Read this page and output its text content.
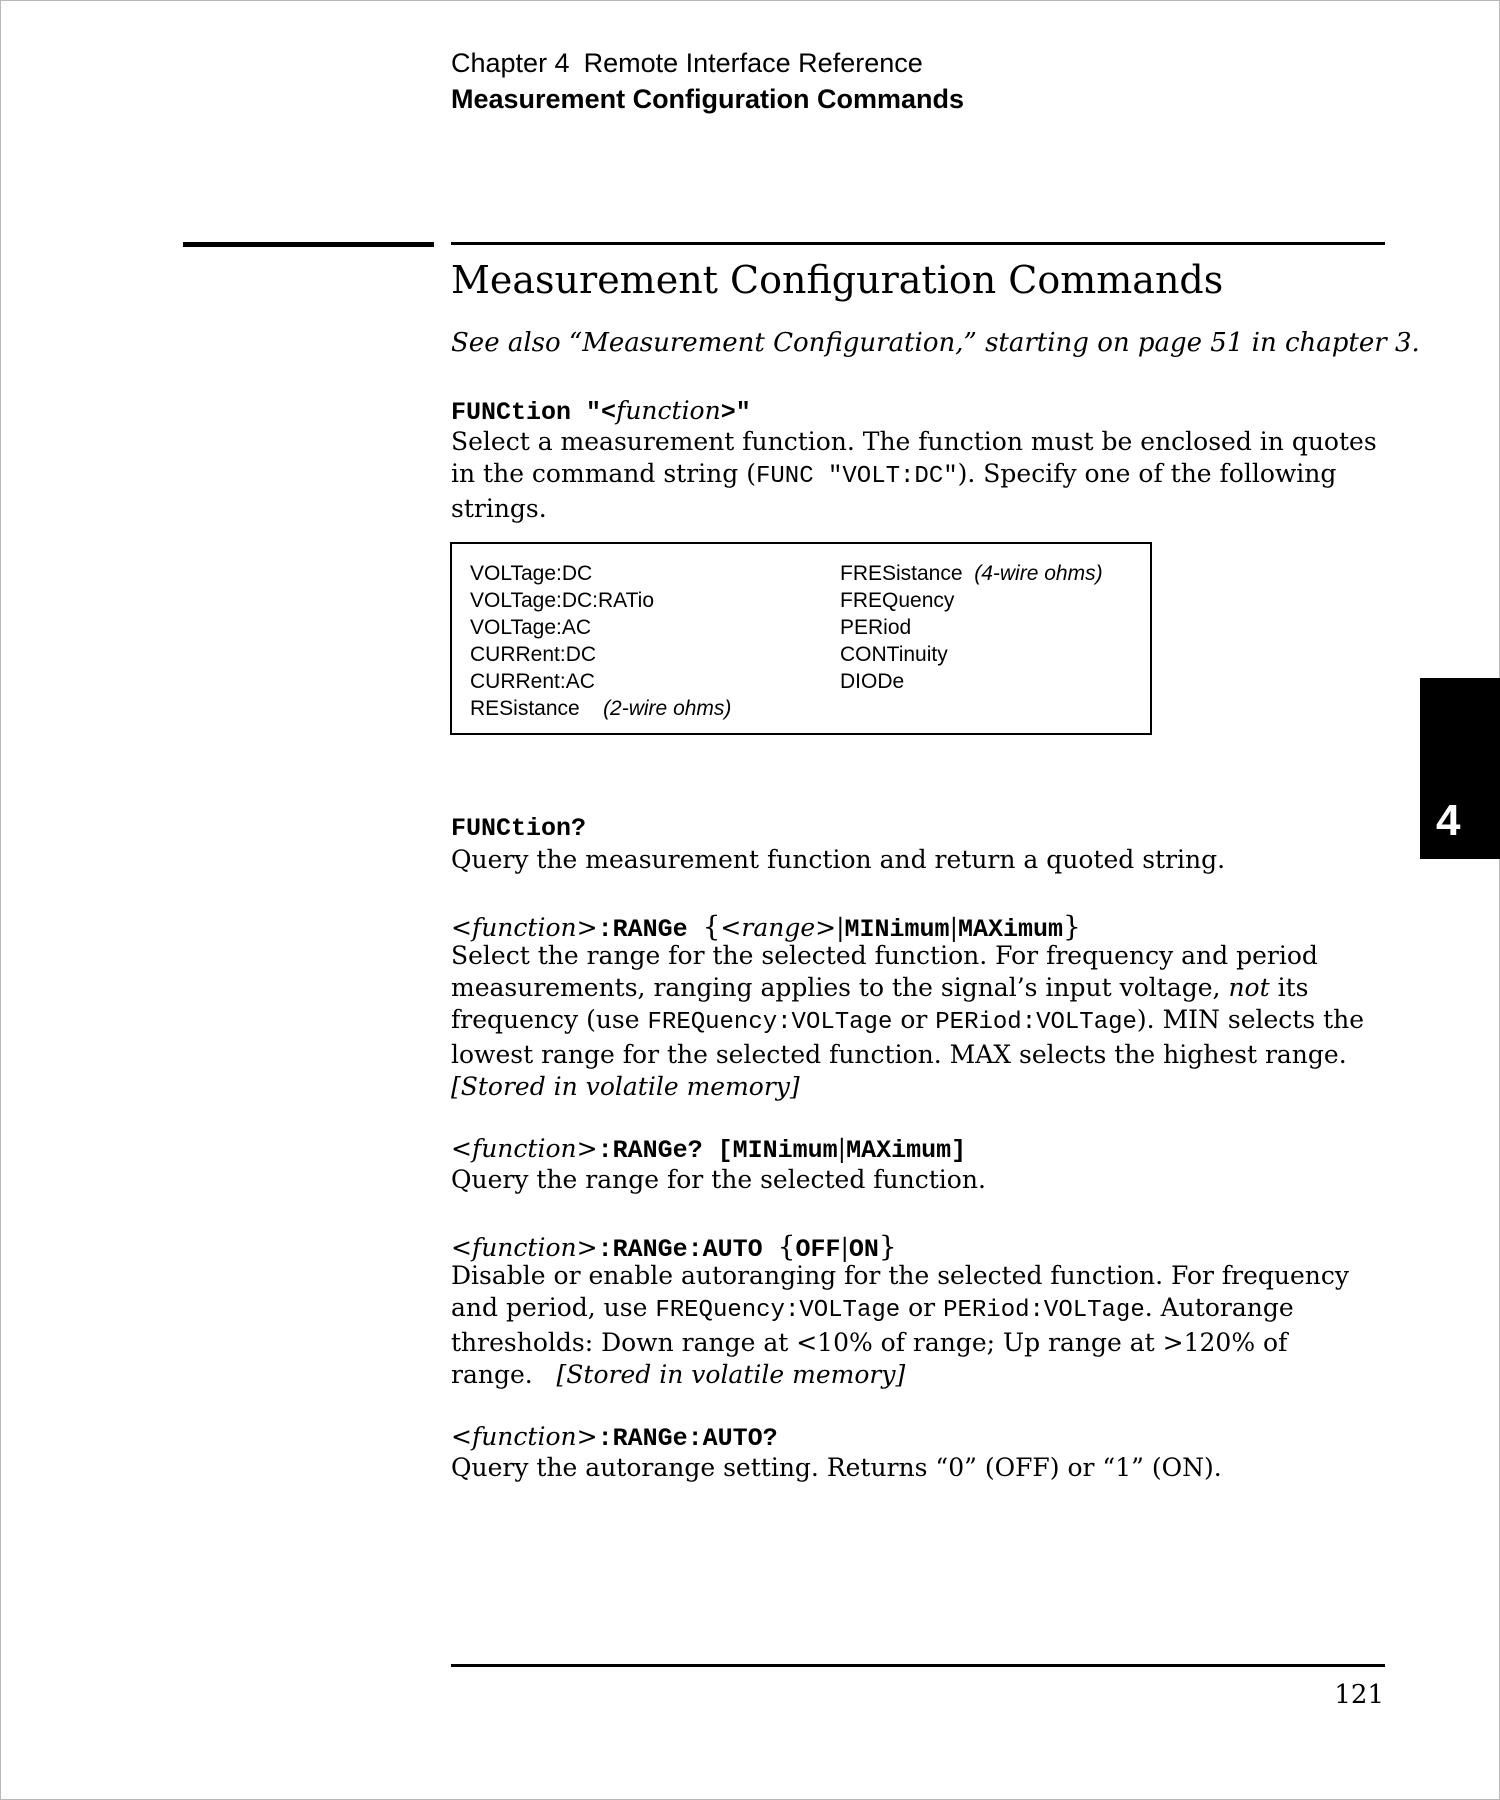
Chapter 4 Remote Interface Reference
Measurement Configuration Commands
Measurement Configuration Commands
See also “Measurement Configuration,” starting on page 51 in chapter 3.
FUNCtion "<function>"
Select a measurement function. The function must be enclosed in quotes in the command string (FUNC "VOLT:DC"). Specify one of the following strings.
VOLTage:DC
VOLTage:DC:RATio
VOLTage:AC
CURRent:DC
CURRent:AC
RESistance (2-wire ohms)
FRESistance (4-wire ohms)
FREQuency
PERiod
CONTinuity
DIODe
FUNCtion?
Query the measurement function and return a quoted string.
<function>:RANGe {<range>|MINimum|MAXimum}
Select the range for the selected function. For frequency and period measurements, ranging applies to the signal’s input voltage, not its frequency (use FREQuency:VOLTage or PERiod:VOLTage). MIN selects the lowest range for the selected function. MAX selects the highest range.   [Stored in volatile memory]
<function>:RANGe? [MINimum|MAXimum]
Query the range for the selected function.
<function>:RANGe:AUTO {OFF|ON}
Disable or enable autoranging for the selected function. For frequency and period, use FREQuency:VOLTage or PERiod:VOLTage. Autorange thresholds: Down range at <10% of range; Up range at >120% of range. [Stored in volatile memory]
<function>:RANGe:AUTO?
Query the autorange setting. Returns “0” (OFF) or “1” (ON).
4
121
